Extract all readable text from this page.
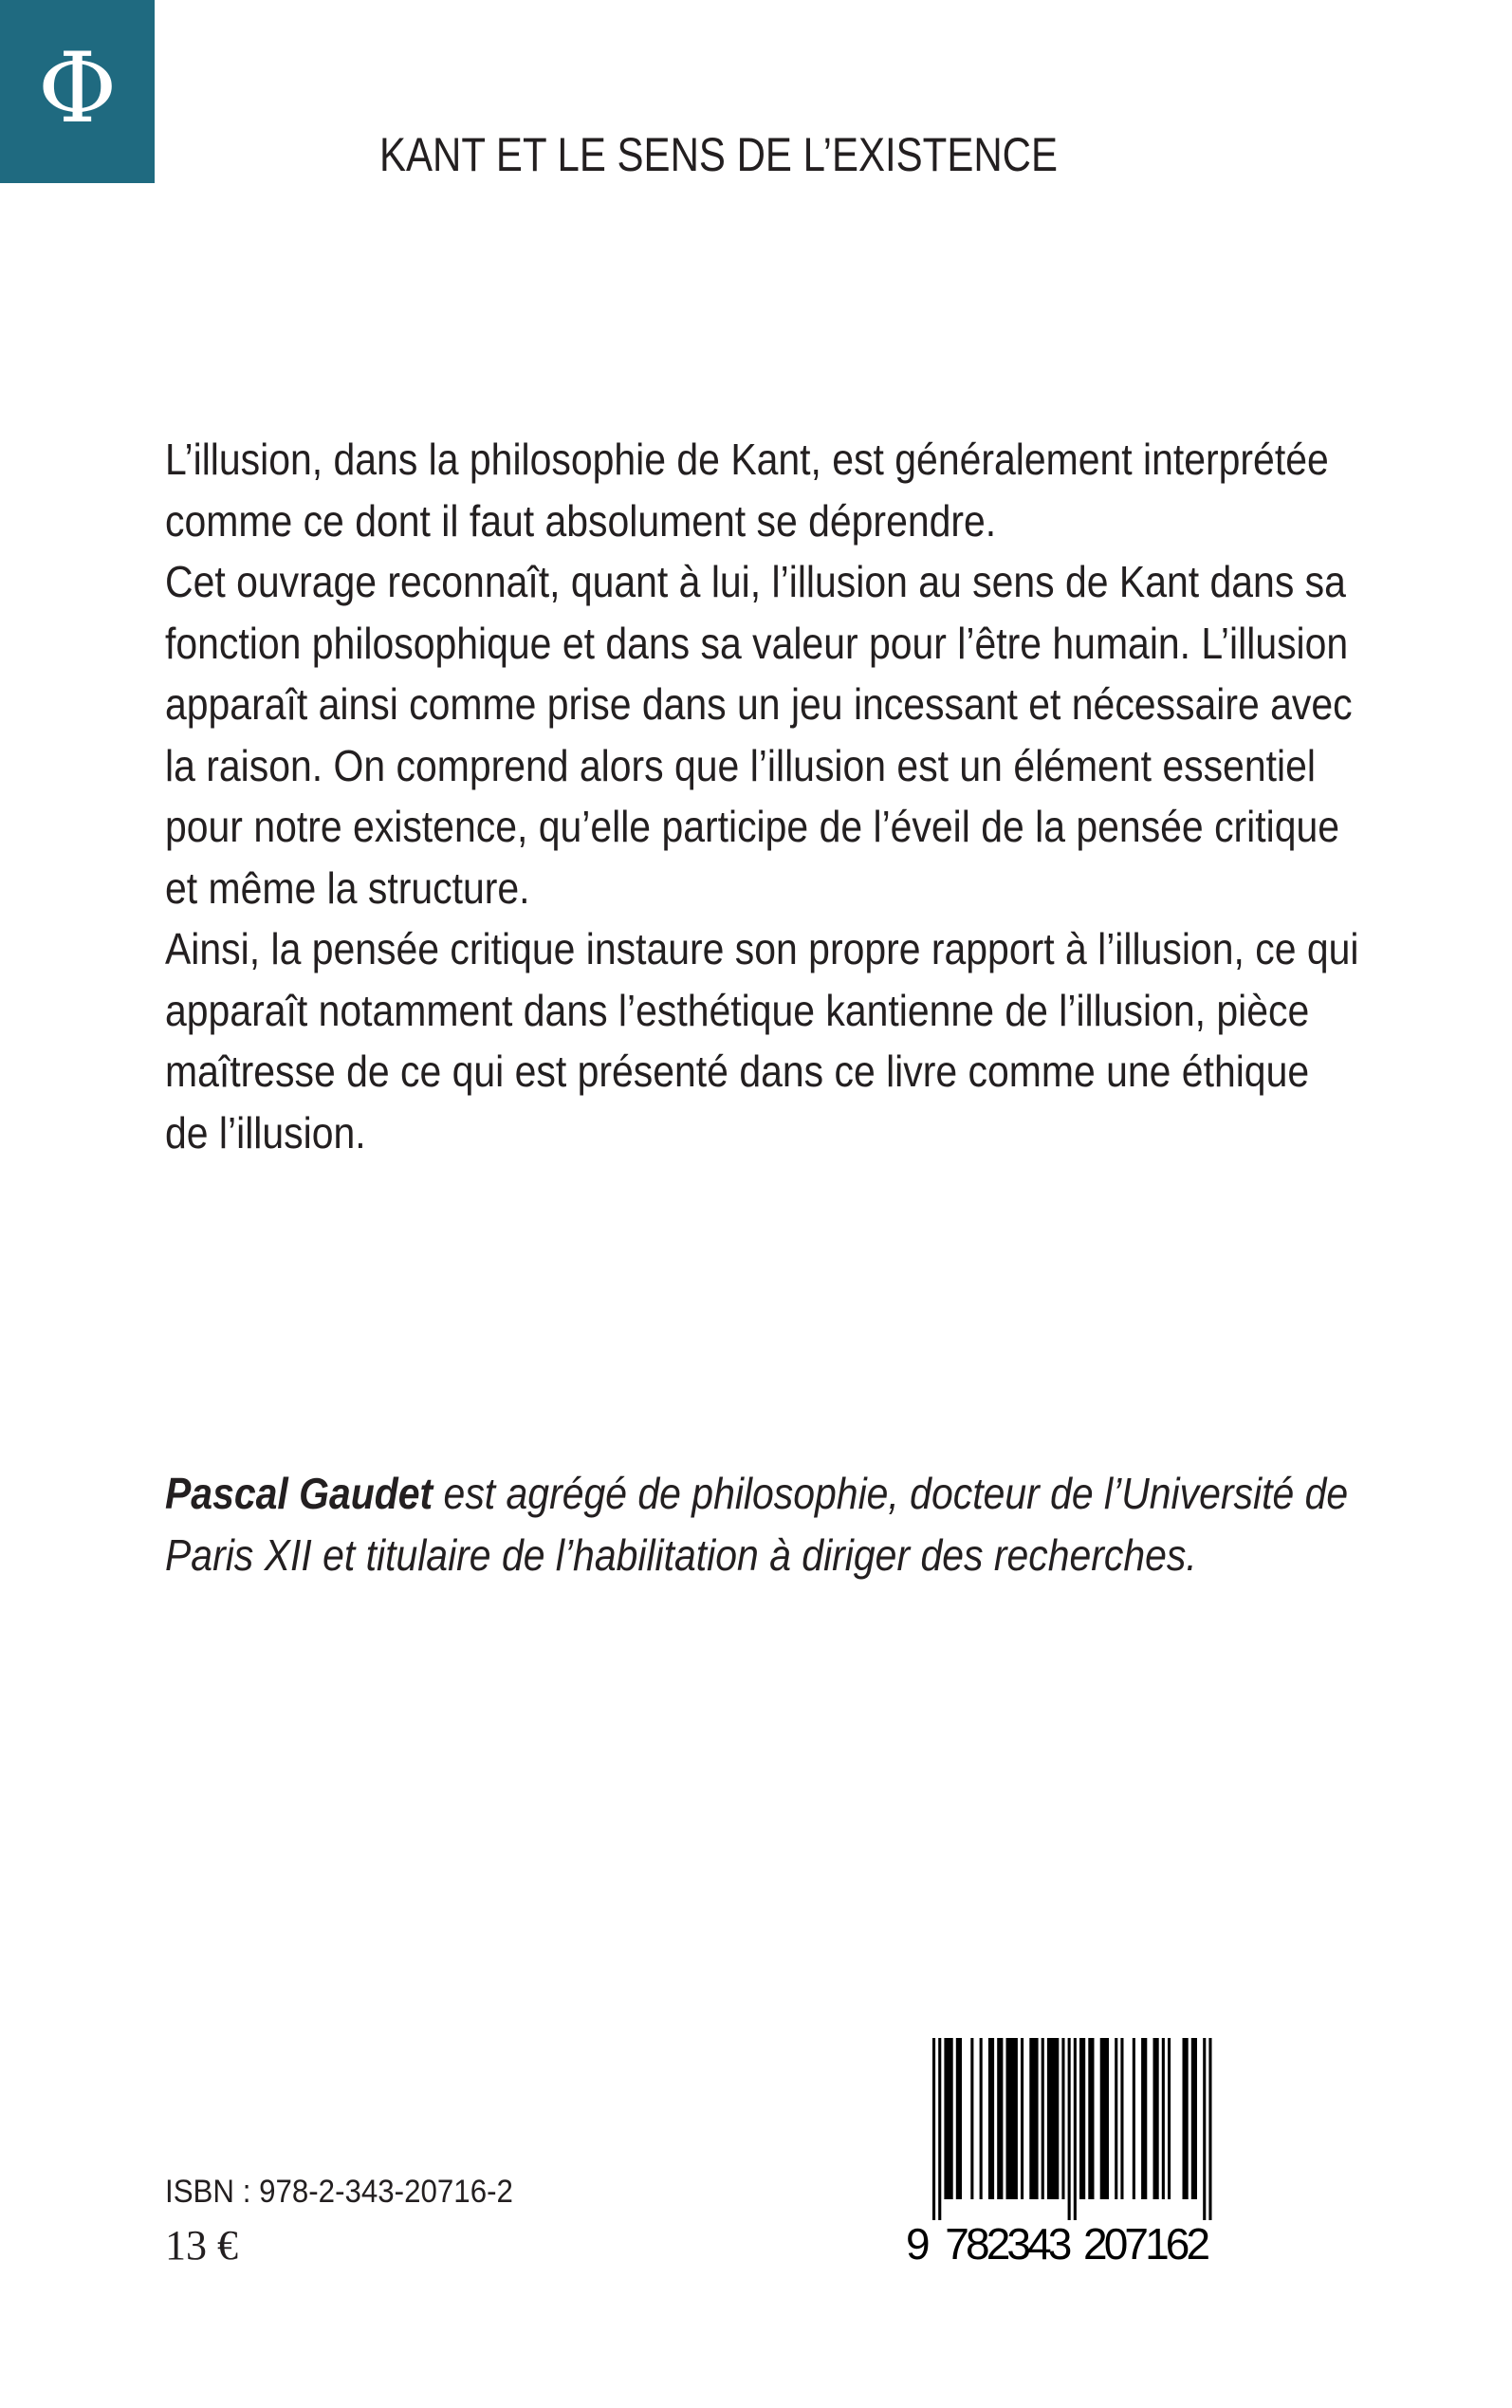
Φ
KANT ET LE SENS DE L’EXISTENCE

L’illusion, dans la philosophie de Kant, est généralement interprétée

comme ce dont il faut absolument se déprendre.

Cet ouvrage reconnaît, quant à lui, l’illusion au sens de Kant dans sa

fonction philosophique et dans sa valeur pour l’être humain. L’illusion

apparaît ainsi comme prise dans un jeu incessant et nécessaire avec

la raison. On comprend alors que l’illusion est un élément essentiel

pour notre existence, qu’elle participe de l’éveil de la pensée critique

et même la structure.

Ainsi, la pensée critique instaure son propre rapport à l’illusion, ce qui

apparaît notamment dans l’esthétique kantienne de l’illusion, pièce

maîtresse de ce qui est présenté dans ce livre comme une éthique

de l’illusion.

Pascal Gaudet est agrégé de philosophie, docteur de l’Université de
Paris XII et titulaire de l’habilitation à diriger des recherches.
ISBN : 978-2-343-20716-2
13 €	9 7
8
2
3
4
3 2
0
7
1
6
2
